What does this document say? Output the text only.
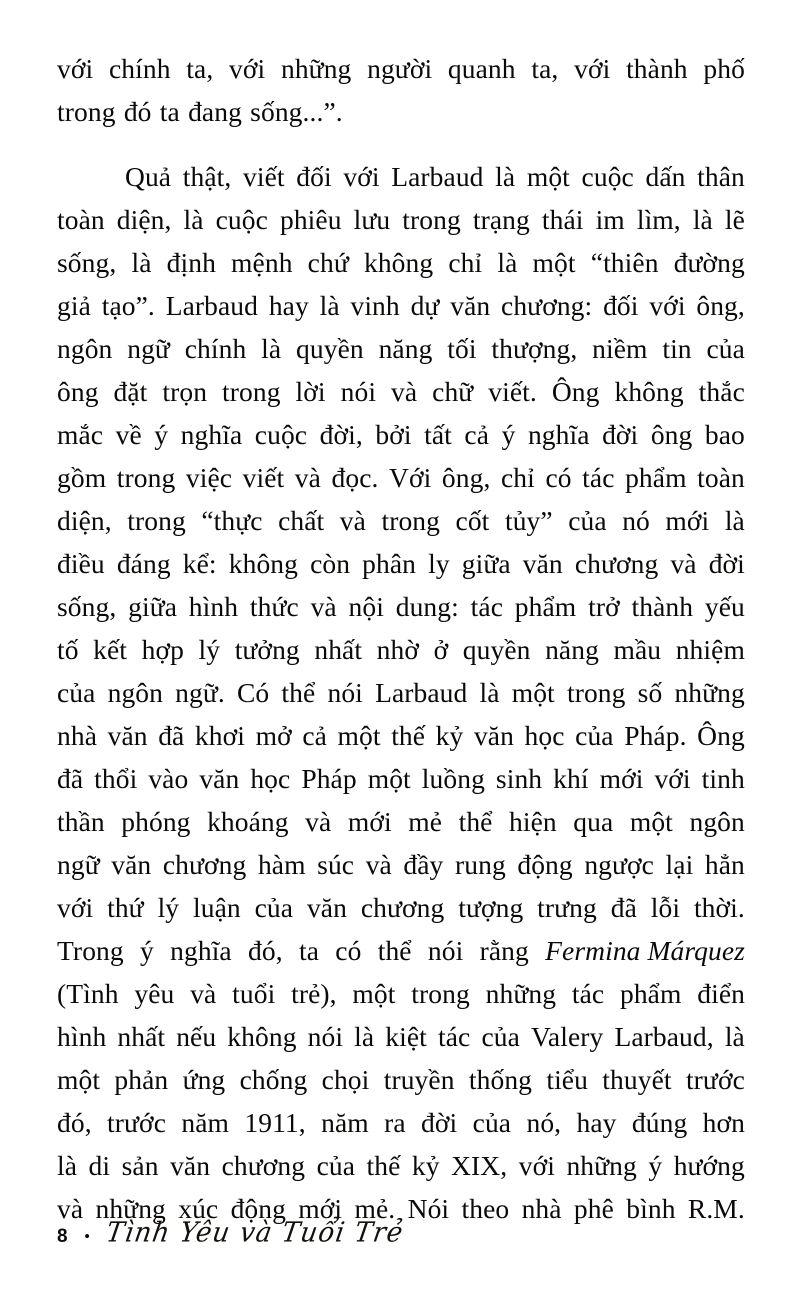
với chính ta, với những người quanh ta, với thành phố
trong đó ta đang sống...”.
Quả thật, viết đối với Larbaud là một cuộc dấn thân
toàn diện, là cuộc phiêu lưu trong trạng thái im lìm, là lẽ
sống, là định mệnh chứ không chỉ là một “thiên đường
giả tạo”. Larbaud hay là vinh dự văn chương: đối với ông,
ngôn ngữ chính là quyền năng tối thượng, niềm tin của
ông đặt trọn trong lời nói và chữ viết. Ông không thắc
mắc về ý nghĩa cuộc đời, bởi tất cả ý nghĩa đời ông bao
gồm trong việc viết và đọc. Với ông, chỉ có tác phẩm toàn
diện, trong “thực chất và trong cốt tủy” của nó mới là
điều đáng kể: không còn phân ly giữa văn chương và đời
sống, giữa hình thức và nội dung: tác phẩm trở thành yếu
tố kết hợp lý tưởng nhất nhờ ở quyền năng mầu nhiệm
của ngôn ngữ. Có thể nói Larbaud là một trong số những
nhà văn đã khơi mở cả một thế kỷ văn học của Pháp. Ông
đã thổi vào văn học Pháp một luồng sinh khí mới với tinh
thần phóng khoáng và mới mẻ thể hiện qua một ngôn
ngữ văn chương hàm súc và đầy rung động ngược lại hẳn
với thứ lý luận của văn chương tượng trưng đã lỗi thời.
Trong ý nghĩa đó, ta có thể nói rằng Fermina Márquez
(Tình yêu và tuổi trẻ), một trong những tác phẩm điển
hình nhất nếu không nói là kiệt tác của Valery Larbaud, là
một phản ứng chống chọi truyền thống tiểu thuyết trước
đó, trước năm 1911, năm ra đời của nó, hay đúng hơn
là di sản văn chương của thế kỷ XIX, với những ý hướng
và những xúc động mới mẻ. Nói theo nhà phê bình R.M.
8 • Tình Yêu và Tuổi Trẻ
